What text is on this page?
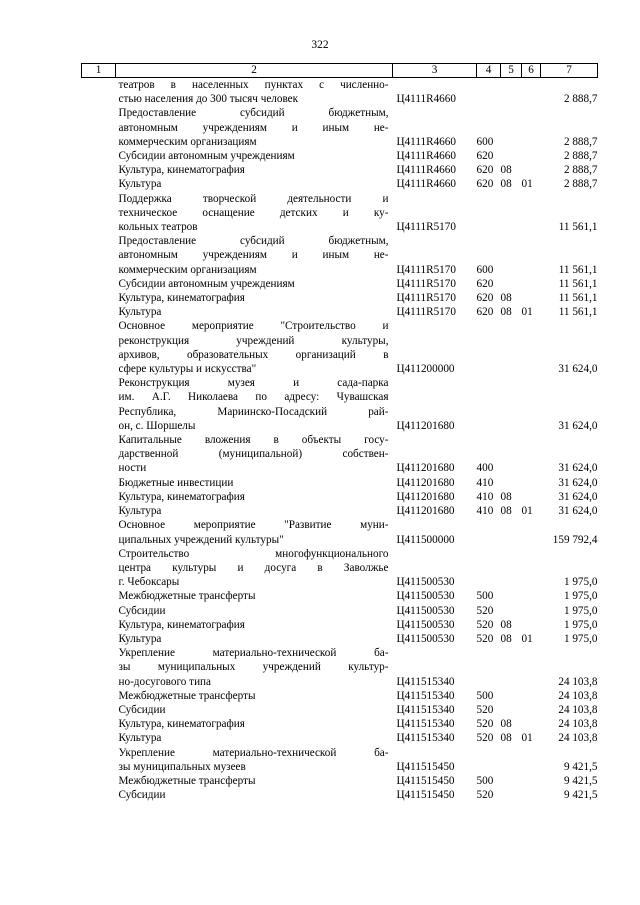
322
1	2	3	4	5	6	7

	театров в населенных пунктах с численно-
стью населения до 300 тысяч человек	Ц4111R4660				2 888,7

	Предоставление субсидий бюджетным,
автономным учреждениям и иным не-
коммерческим организациям	Ц4111R4660	600			2 888,7

	Субсидии автономным учреждениям	Ц4111R4660	620			2 888,7

	Культура, кинематография	Ц4111R4660	620	08		2 888,7

	Культура	Ц4111R4660	620	08	01	2 888,7

	Поддержка творческой деятельности и
техническое оснащение детских и ку-
кольных театров	Ц4111R5170				11 561,1

	Предоставление субсидий бюджетным,
автономным учреждениям и иным не-
коммерческим организациям	Ц4111R5170	600			11 561,1

	Субсидии автономным учреждениям	Ц4111R5170	620			11 561,1

	Культура, кинематография	Ц4111R5170	620	08		11 561,1

	Культура	Ц4111R5170	620	08	01	11 561,1

	Основное мероприятие "Строительство и
реконструкция учреждений культуры,
архивов, образовательных организаций в
сфере культуры и искусства"	Ц411200000				31 624,0

	Реконструкция музея и сада-парка
им. А.Г. Николаева по адресу: Чувашская
Республика, Мариинско-Посадский рай-
он, с. Шоршелы	Ц411201680				31 624,0

	Капитальные вложения в объекты госу-
дарственной (муниципальной) собствен-
ности	Ц411201680	400			31 624,0

	Бюджетные инвестиции	Ц411201680	410			31 624,0

	Культура, кинематография	Ц411201680	410	08		31 624,0

	Культура	Ц411201680	410	08	01	31 624,0

	Основное мероприятие "Развитие муни-
ципальных учреждений культуры"	Ц411500000				159 792,4

	Строительство многофункционального
центра культуры и досуга в Заволжье
г. Чебоксары	Ц411500530				1 975,0

	Межбюджетные трансферты	Ц411500530	500			1 975,0

	Субсидии	Ц411500530	520			1 975,0

	Культура, кинематография	Ц411500530	520	08		1 975,0

	Культура	Ц411500530	520	08	01	1 975,0

	Укрепление материально-технической ба-
зы муниципальных учреждений культур-
но-досугового типа	Ц411515340				24 103,8

	Межбюджетные трансферты	Ц411515340	500			24 103,8

	Субсидии	Ц411515340	520			24 103,8

	Культура, кинематография	Ц411515340	520	08		24 103,8

	Культура	Ц411515340	520	08	01	24 103,8

	Укрепление материально-технической ба-
зы муниципальных музеев	Ц411515450				9 421,5

	Межбюджетные трансферты	Ц411515450	500			9 421,5

	Субсидии	Ц411515450	520			9 421,5
